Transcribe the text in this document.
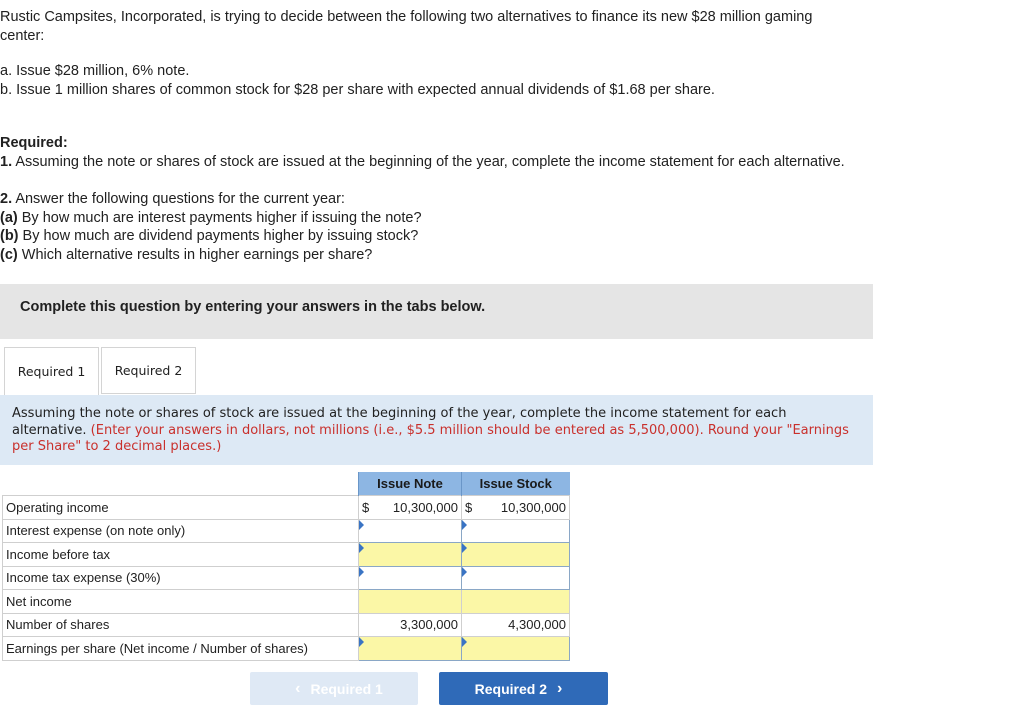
Rustic Campsites, Incorporated, is trying to decide between the following two alternatives to finance its new $28 million gaming

center:

a. Issue $28 million, 6% note.
b. Issue 1 million shares of common stock for $28 per share with expected annual dividends of $1.68 per share.
Required:
1. Assuming the note or shares of stock are issued at the beginning of the year, complete the income statement for each alternative.
2. Answer the following questions for the current year:
(a) By how much are interest payments higher if issuing the note?
(b) By how much are dividend payments higher by issuing stock?
(c) Which alternative results in higher earnings per share?
Complete this question by entering your answers in the tabs below.
Required 1	Required 2
Assuming the note or shares of stock are issued at the beginning of the year, complete the income statement for each alternative. (Enter your answers in dollars, not millions (i.e., $5.5 million should be entered as 5,500,000). Round your "Earnings per Share" to 2 decimal places.)
	Issue Note	Issue Stock
Operating income	$ 10,300,000	$ 10,300,000

Interest expense (on note only)		
Income before tax		
Income tax expense (30%)		
Net income		
Number of shares	3,300,000	4,300,000
Earnings per share (Net income / Number of shares)		
‹ Required 1	Required 2 ›
